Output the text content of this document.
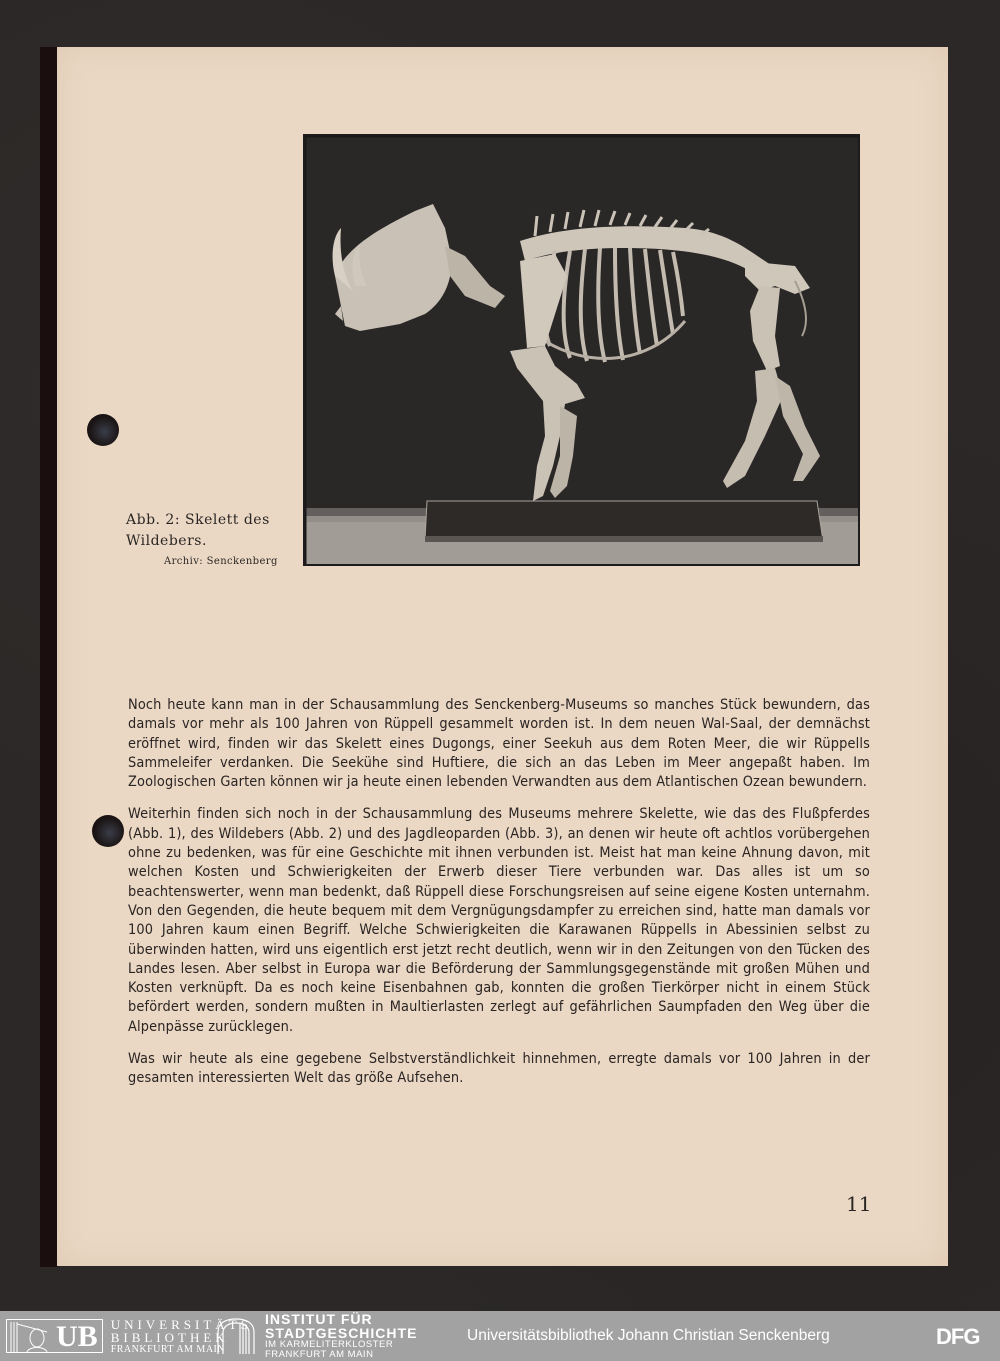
Abb. 2: Skelett des Wildebers.
Archiv: Senckenberg

Noch heute kann man in der Schausammlung des Senckenberg-Museums so manches Stück bewundern, das damals vor mehr als 100 Jahren von Rüppell gesammelt worden ist. In dem neuen Wal-Saal, der demnächst eröffnet wird, finden wir das Skelett eines Dugongs, einer Seekuh aus dem Roten Meer, die wir Rüppells Sammeleifer verdanken. Die Seekühe sind Huftiere, die sich an das Leben im Meer angepaßt haben. Im Zoologischen Garten können wir ja heute einen lebenden Verwandten aus dem Atlantischen Ozean bewundern.

Weiterhin finden sich noch in der Schausammlung des Museums mehrere Skelette, wie das des Flußpferdes (Abb. 1), des Wildebers (Abb. 2) und des Jagdleoparden (Abb. 3), an denen wir heute oft achtlos vorübergehen ohne zu bedenken, was für eine Geschichte mit ihnen verbunden ist. Meist hat man keine Ahnung davon, mit welchen Kosten und Schwierigkeiten der Erwerb dieser Tiere verbunden war. Das alles ist um so beachtenswerter, wenn man bedenkt, daß Rüppell diese Forschungsreisen auf seine eigene Kosten unternahm. Von den Gegenden, die heute bequem mit dem Vergnügungsdampfer zu erreichen sind, hatte man damals vor 100 Jahren kaum einen Begriff. Welche Schwierigkeiten die Karawanen Rüppells in Abessinien selbst zu überwinden hatten, wird uns eigentlich erst jetzt recht deutlich, wenn wir in den Zeitungen von den Tücken des Landes lesen. Aber selbst in Europa war die Beförderung der Sammlungsgegenstände mit großen Mühen und Kosten verknüpft. Da es noch keine Eisenbahnen gab, konnten die großen Tierkörper nicht in einem Stück befördert werden, sondern mußten in Maultierlasten zerlegt auf gefährlichen Saumpfaden den Weg über die Alpenpässe zurücklegen.

Was wir heute als eine gegebene Selbstverständlichkeit hinnehmen, erregte damals vor 100 Jahren in der gesamten interessierten Welt das größe Aufsehen.

11
UB	UNIVERSITÄTS
BIBLIOTHEK
FRANKFURT AM MAIN
INSTITUT FÜR
STADTGESCHICHTE
IM KARMELITERKLOSTER
FRANKFURT AM MAIN
Universitätsbibliothek Johann Christian Senckenberg	DFG
